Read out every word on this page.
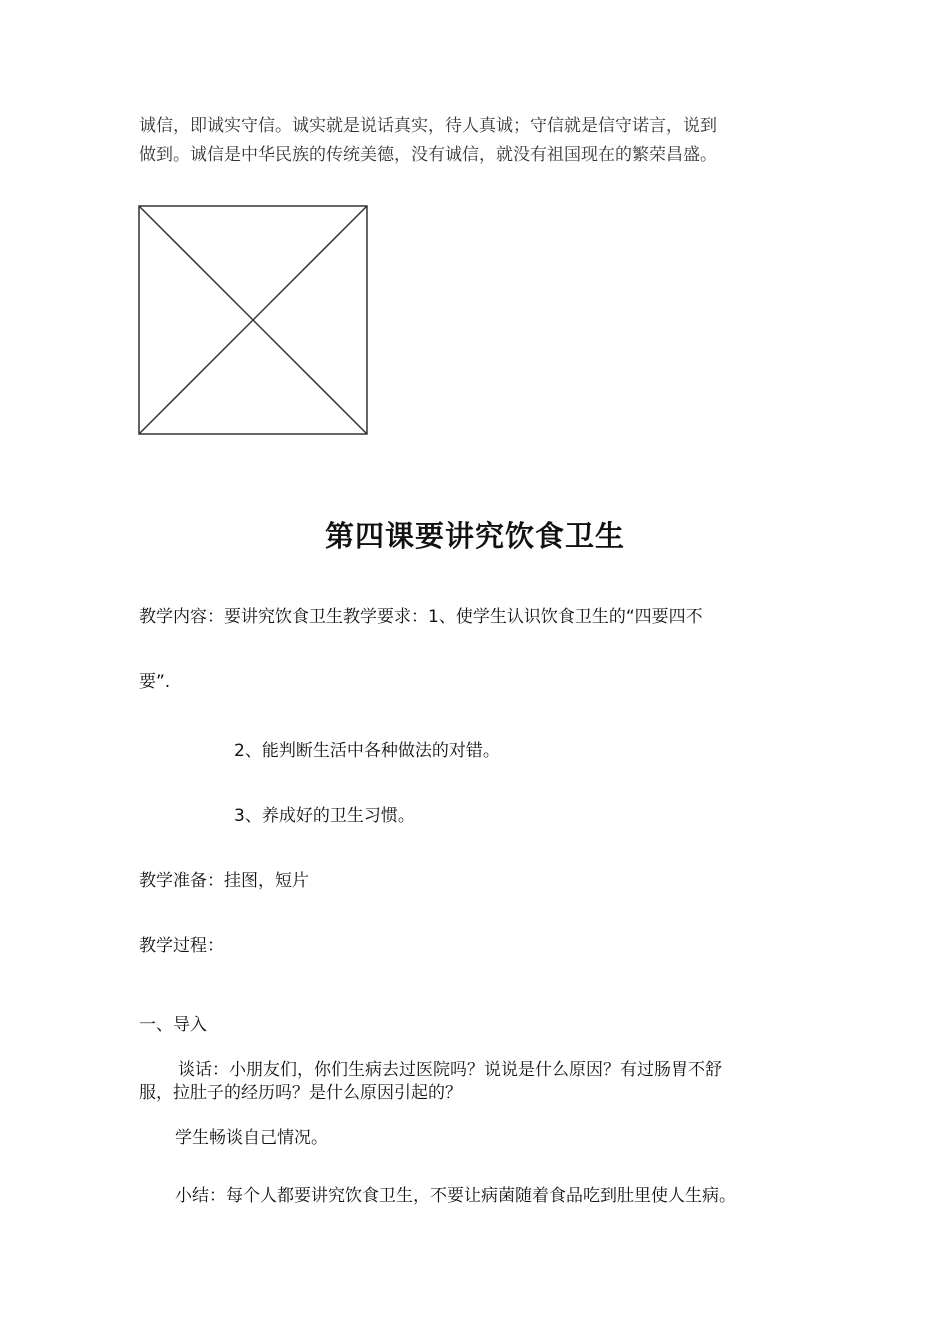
诚信，即诚实守信。诚实就是说话真实，待人真诚；守信就是信守诺言，说到
做到。诚信是中华民族的传统美德，没有诚信，就没有祖国现在的繁荣昌盛。
第四课要讲究饮食卫生
教学内容：要讲究饮食卫生教学要求：1、使学生认识饮食卫生的“四要四不
要”.
2、能判断生活中各种做法的对错。
3、养成好的卫生习惯。
教学准备：挂图，短片
教学过程：
一、导入
谈话：小朋友们，你们生病去过医院吗？说说是什么原因？有过肠胃不舒
服，拉肚子的经历吗？是什么原因引起的？
学生畅谈自己情况。
小结：每个人都要讲究饮食卫生，不要让病菌随着食品吃到肚里使人生病。
